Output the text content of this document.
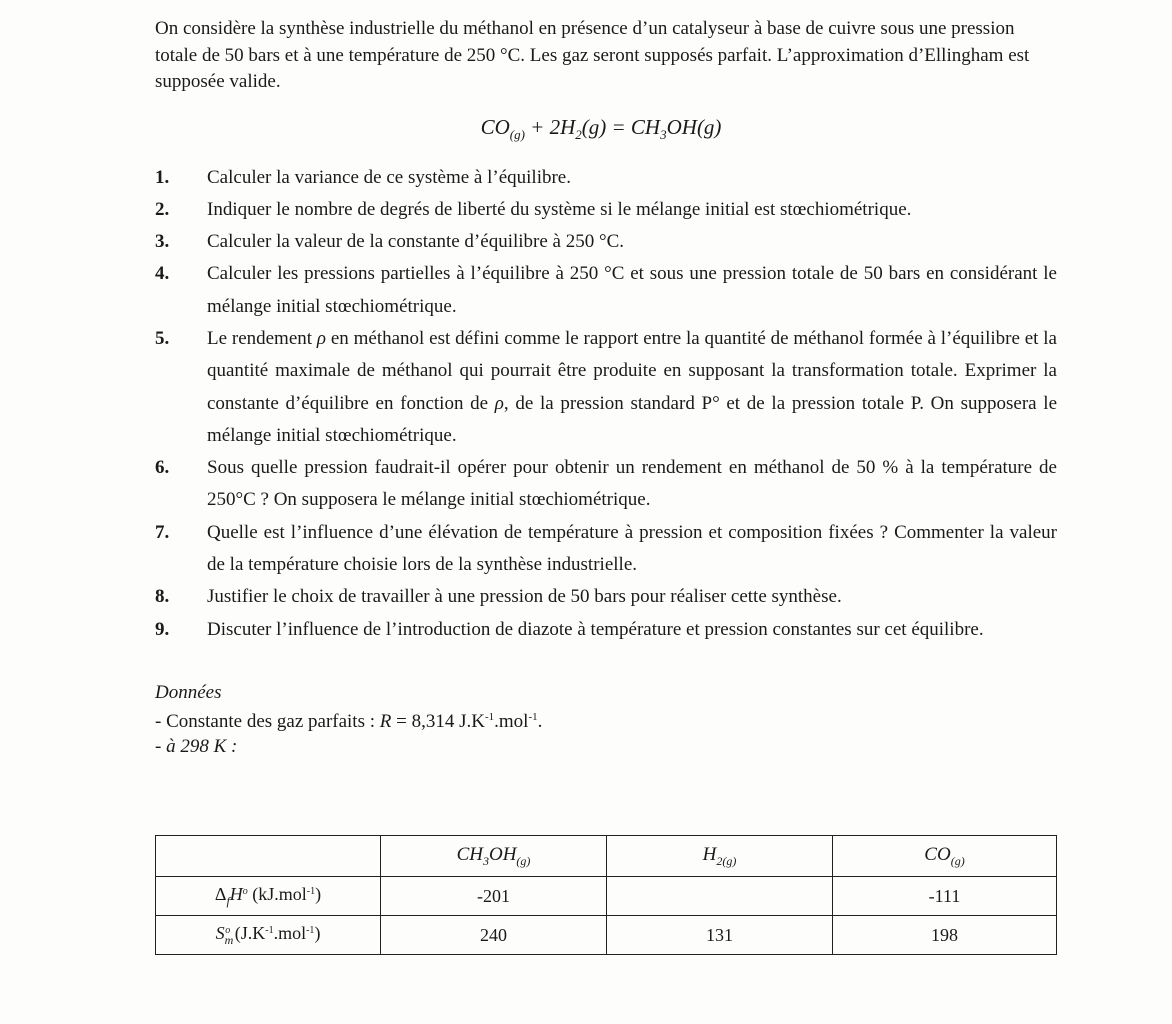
On considère la synthèse industrielle du méthanol en présence d’un catalyseur à base de cuivre sous une pression totale de 50 bars et à une température de 250 °C. Les gaz seront supposés parfait. L’approximation d’Ellingham est supposée valide.

$CO_{(g)} + 2H_2(g) = CH_3OH(g)$
1.	Calculer la variance de ce système à l’équilibre.
2.	Indiquer le nombre de degrés de liberté du système si le mélange initial est stœchiométrique.
3.	Calculer la valeur de la constante d’équilibre à 250 °C.
4.	Calculer les pressions partielles à l’équilibre à 250 °C et sous une pression totale de 50 bars en considérant le mélange initial stœchiométrique.
5.	Le rendement ρ en méthanol est défini comme le rapport entre la quantité de méthanol formée à l’équilibre et la quantité maximale de méthanol qui pourrait être produite en supposant la transformation totale. Exprimer la constante d’équilibre en fonction de ρ, de la pression standard P° et de la pression totale P. On supposera le mélange initial stœchiométrique.
6.	Sous quelle pression faudrait-il opérer pour obtenir un rendement en méthanol de 50 % à la température de 250°C ? On supposera le mélange initial stœchiométrique.
7.	Quelle est l’influence d’une élévation de température à pression et composition fixées ? Commenter la valeur de la température choisie lors de la synthèse industrielle.
8.	Justifier le choix de travailler à une pression de 50 bars pour réaliser cette synthèse.
9.	Discuter l’influence de l’introduction de diazote à température et pression constantes sur cet équilibre.
Données
- Constante des gaz parfaits : R = 8,314 $J.K^{-1}.mol^{-1}$.
- à 298 K :
	$CH_3OH_{(g)}$	$H_{2(g)}$	$CO_{(g)}$
$\Delta_fH^o$ (kJ.mol$^{-1}$)	-201		-111
$S_m^o$ $(J.K^{-1}.mol^{-1})$	240	131	198
